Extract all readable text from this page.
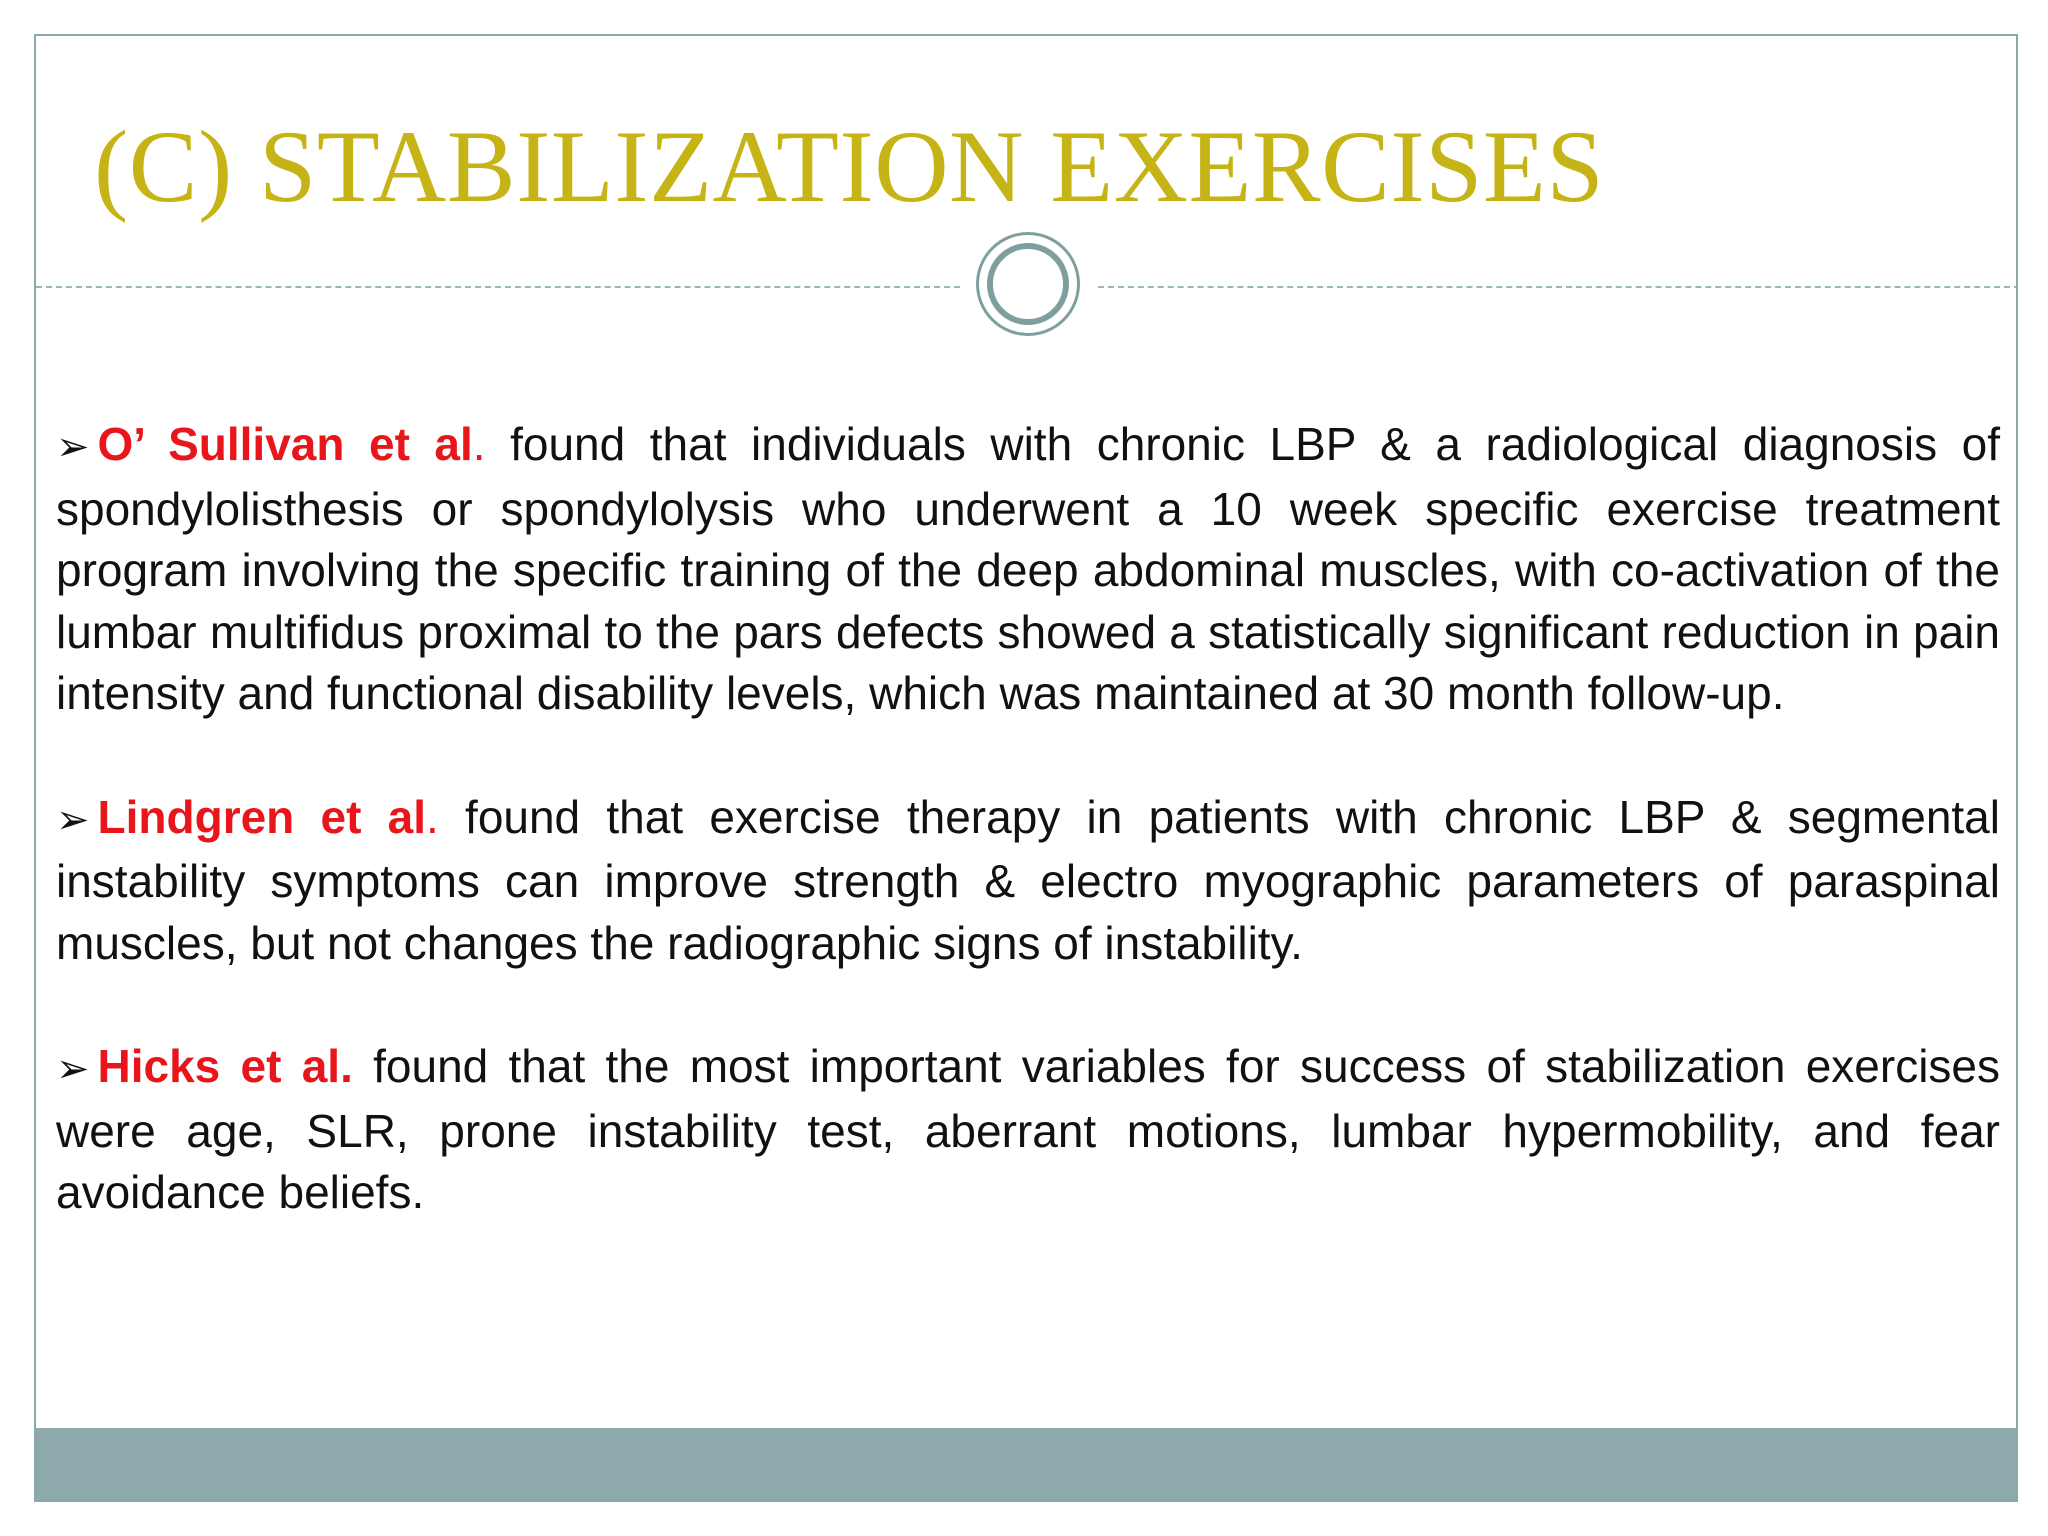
(C) STABILIZATION EXERCISES

➢ O’ Sullivan et al. found that individuals with chronic LBP & a radiological diagnosis of spondylolisthesis or spondylolysis who underwent a 10 week specific exercise treatment program involving the specific training of the deep abdominal muscles, with co-activation of the lumbar multifidus proximal to the pars defects showed a statistically significant reduction in pain intensity and functional disability levels, which was maintained at 30 month follow-up.

➢ Lindgren et al. found that exercise therapy in patients with chronic LBP & segmental instability symptoms can improve strength & electro myographic parameters of paraspinal muscles, but not changes the radiographic signs of instability.

➢ Hicks et al. found that the most important variables for success of stabilization exercises were age, SLR, prone instability test, aberrant motions, lumbar hypermobility, and fear avoidance beliefs.
